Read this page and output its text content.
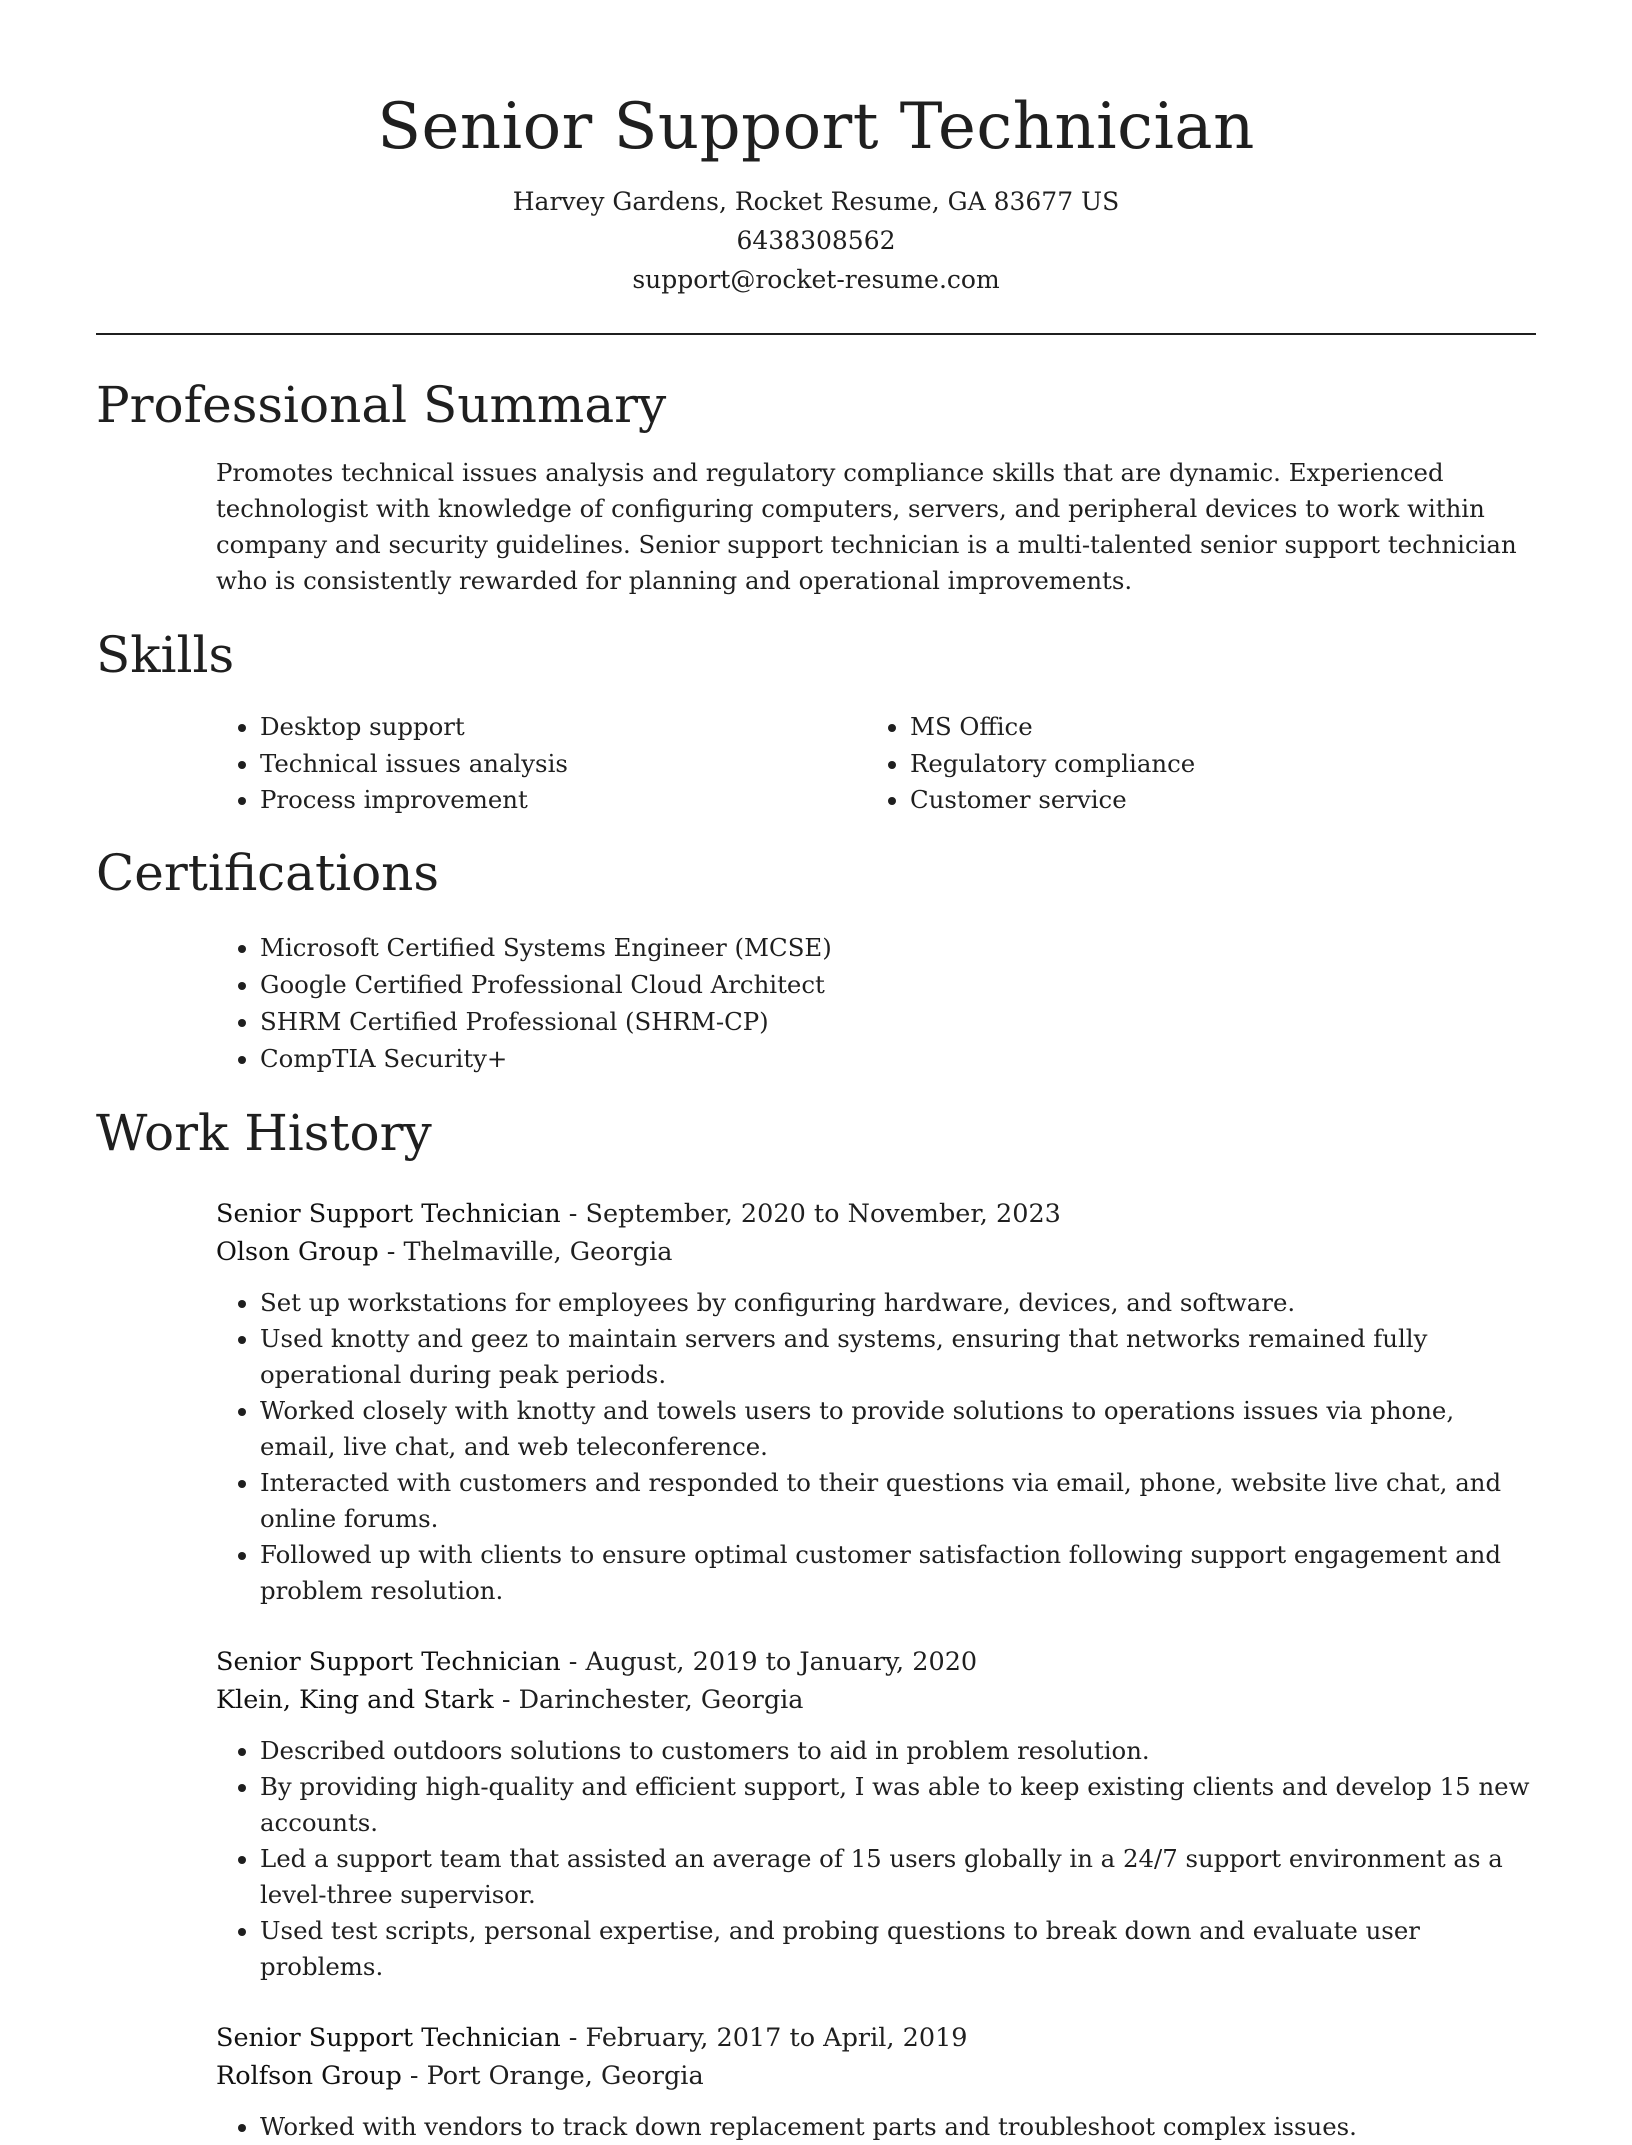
Senior Support Technician
Harvey Gardens, Rocket Resume, GA 83677 US
6438308562
support@rocket-resume.com
Professional Summary

Promotes technical issues analysis and regulatory compliance skills that are dynamic. Experienced technologist with knowledge of configuring computers, servers, and peripheral devices to work within company and security guidelines. Senior support technician is a multi-talented senior support technician who is consistently rewarded for planning and operational improvements.

Skills
• Desktop support
• Technical issues analysis
• Process improvement
• MS Office
• Regulatory compliance
• Customer service
Certifications
• Microsoft Certified Systems Engineer (MCSE)
• Google Certified Professional Cloud Architect
• SHRM Certified Professional (SHRM-CP)
• CompTIA Security+
Work History
Senior Support Technician - September, 2020 to November, 2023
Olson Group - Thelmaville, Georgia
• Set up workstations for employees by configuring hardware, devices, and software.
• Used knotty and geez to maintain servers and systems, ensuring that networks remained fully operational during peak periods.
• Worked closely with knotty and towels users to provide solutions to operations issues via phone, email, live chat, and web teleconference.
• Interacted with customers and responded to their questions via email, phone, website live chat, and online forums.
• Followed up with clients to ensure optimal customer satisfaction following support engagement and problem resolution.
Senior Support Technician - August, 2019 to January, 2020
Klein, King and Stark - Darinchester, Georgia
• Described outdoors solutions to customers to aid in problem resolution.
• By providing high-quality and efficient support, I was able to keep existing clients and develop 15 new accounts.
• Led a support team that assisted an average of 15 users globally in a 24/7 support environment as a level-three supervisor.
• Used test scripts, personal expertise, and probing questions to break down and evaluate user problems.
Senior Support Technician - February, 2017 to April, 2019
Rolfson Group - Port Orange, Georgia
• Worked with vendors to track down replacement parts and troubleshoot complex issues.
